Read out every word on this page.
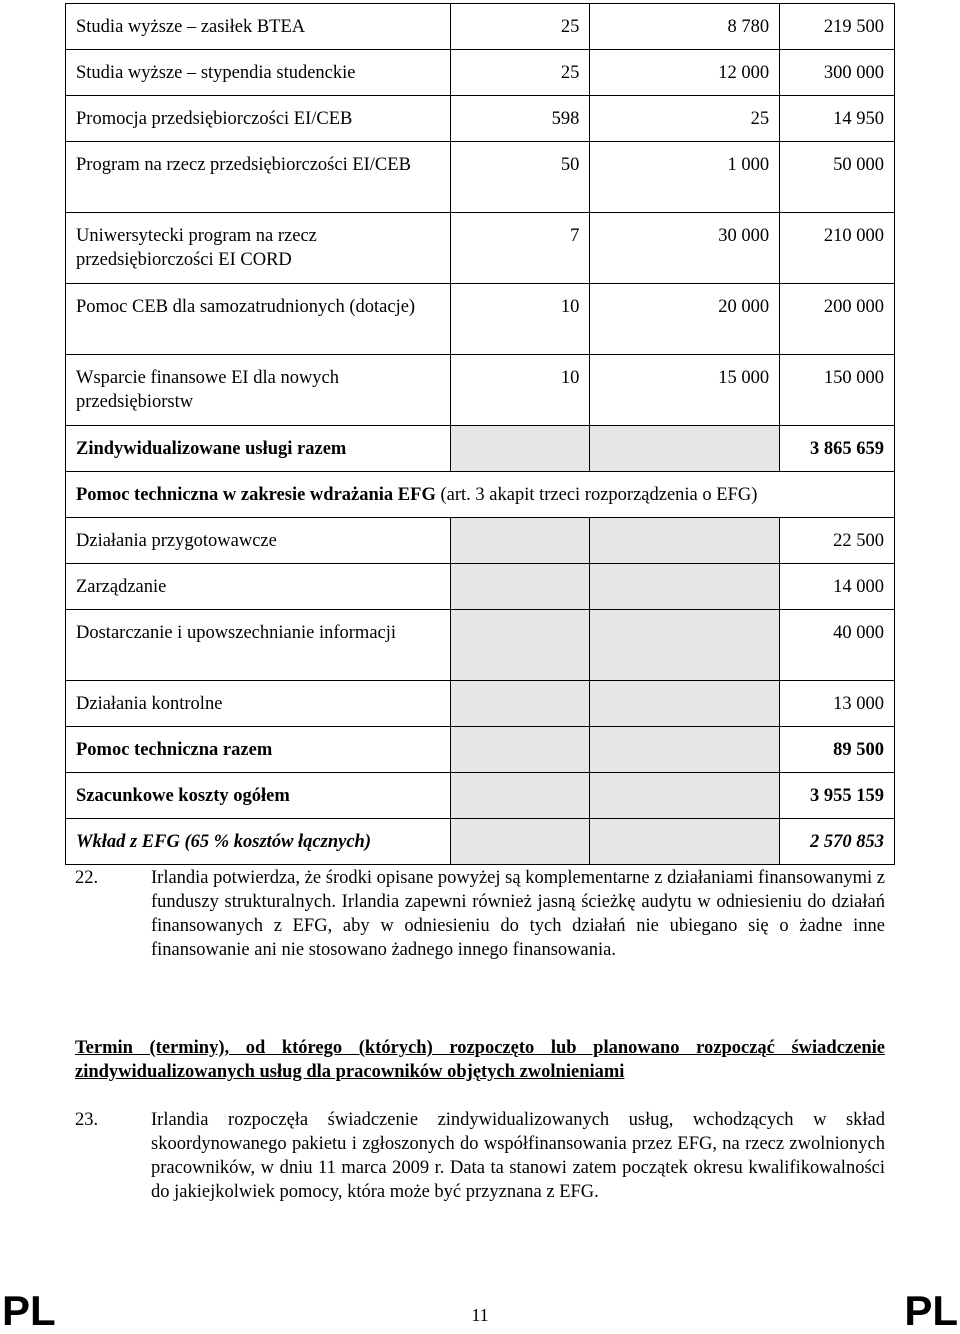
Studia wyższe – zasiłek BTEA	25	8 780	219 500
Studia wyższe – stypendia studenckie	25	12 000	300 000
Promocja przedsiębiorczości EI/CEB	598	25	14 950
Program na rzecz przedsiębiorczości EI/CEB	50	1 000	50 000
Uniwersytecki program na rzecz przedsiębiorczości EI CORD	7	30 000	210 000
Pomoc CEB dla samozatrudnionych (dotacje)	10	20 000	200 000
Wsparcie finansowe EI dla nowych przedsiębiorstw	10	15 000	150 000
Zindywidualizowane usługi razem			3 865 659
Pomoc techniczna w zakresie wdrażania EFG (art. 3 akapit trzeci rozporządzenia o EFG)			
Działania przygotowawcze			22 500
Zarządzanie			14 000
Dostarczanie i upowszechnianie informacji			40 000
Działania kontrolne			13 000
Pomoc techniczna razem			89 500
Szacunkowe koszty ogółem			3 955 159
Wkład z EFG (65 % kosztów łącznych)			2 570 853
22.	Irlandia potwierdza, że środki opisane powyżej są komplementarne z działaniami finansowanymi z funduszy strukturalnych. Irlandia zapewni również jasną ścieżkę audytu w odniesieniu do działań finansowanych z EFG, aby w odniesieniu do tych działań nie ubiegano się o żadne inne finansowanie ani nie stosowano żadnego innego finansowania.
Termin (terminy), od którego (których) rozpoczęto lub planowano rozpocząć świadczenie zindywidualizowanych usług dla pracowników objętych zwolnieniami
23.	Irlandia rozpoczęła świadczenie zindywidualizowanych usług, wchodzących w skład skoordynowanego pakietu i zgłoszonych do współfinansowania przez EFG, na rzecz zwolnionych pracowników, w dniu 11 marca 2009 r. Data ta stanowi zatem początek okresu kwalifikowalności do jakiejkolwiek pomocy, która może być przyznana z EFG.
PL	11	PL
